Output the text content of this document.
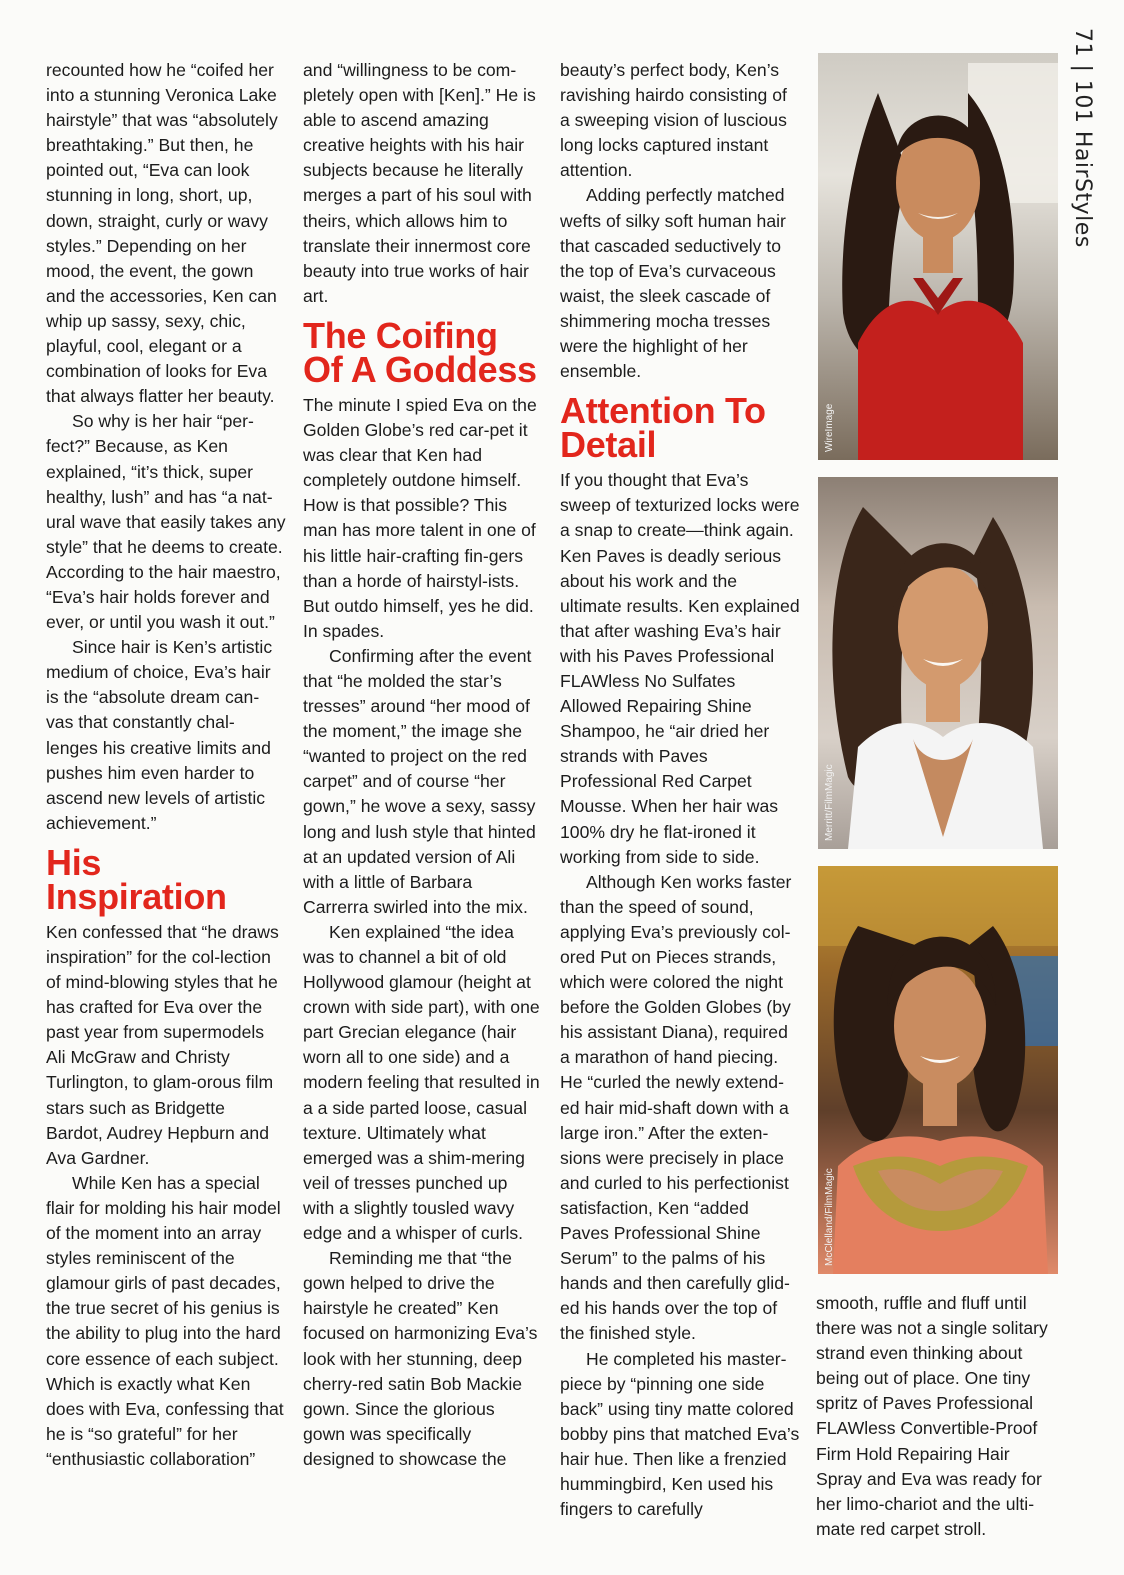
71 | 101 HairStyles

recounted how he “coifed her into a stunning Veronica Lake hairstyle” that was “absolutely breathtaking.” But then, he pointed out, “Eva can look stunning in long, short, up, down, straight, curly or wavy styles.” Depending on her mood, the event, the gown and the accessories, Ken can whip up sassy, sexy, chic, playful, cool, elegant or a combination of looks for Eva that always flatter her beauty.

So why is her hair “per-fect?” Because, as Ken explained, “it’s thick, super healthy, lush” and has “a nat-ural wave that easily takes any style” that he deems to create. According to the hair maestro, “Eva’s hair holds forever and ever, or until you wash it out.”

Since hair is Ken’s artistic medium of choice, Eva’s hair is the “absolute dream can-vas that constantly chal-lenges his creative limits and pushes him even harder to ascend new levels of artistic achievement.”

His Inspiration

Ken confessed that “he draws inspiration” for the col-lection of mind-blowing styles that he has crafted for Eva over the past year from supermodels Ali McGraw and Christy Turlington, to glam-orous film stars such as Bridgette Bardot, Audrey Hepburn and Ava Gardner.

While Ken has a special flair for molding his hair model of the moment into an array styles reminiscent of the glamour girls of past decades, the true secret of his genius is the ability to plug into the hard core essence of each subject. Which is exactly what Ken does with Eva, confessing that he is “so grateful” for her “enthusiastic collaboration”

and “willingness to be com-pletely open with [Ken].” He is able to ascend amazing creative heights with his hair subjects because he literally merges a part of his soul with theirs, which allows him to translate their innermost core beauty into true works of hair art.

The Coifing Of A Goddess

The minute I spied Eva on the Golden Globe’s red car-pet it was clear that Ken had completely outdone himself. How is that possible? This man has more talent in one of his little hair-crafting fin-gers than a horde of hairstyl-ists. But outdo himself, yes he did. In spades.

Confirming after the event that “he molded the star’s tresses” around “her mood of the moment,” the image she “wanted to project on the red carpet” and of course “her gown,” he wove a sexy, sassy long and lush style that hinted at an updated version of Ali with a little of Barbara Carrerra swirled into the mix.

Ken explained “the idea was to channel a bit of old Hollywood glamour (height at crown with side part), with one part Grecian elegance (hair worn all to one side) and a modern feeling that resulted in a a side parted loose, casual texture. Ultimately what emerged was a shim-mering veil of tresses punched up with a slightly tousled wavy edge and a whisper of curls.

Reminding me that “the gown helped to drive the hairstyle he created” Ken focused on harmonizing Eva’s look with her stunning, deep cherry-red satin Bob Mackie gown. Since the glorious gown was specifically designed to showcase the

beauty’s perfect body, Ken’s ravishing hairdo consisting of a sweeping vision of luscious long locks captured instant attention.

Adding perfectly matched wefts of silky soft human hair that cascaded seductively to the top of Eva’s curvaceous waist, the sleek cascade of shimmering mocha tresses were the highlight of her ensemble.

Attention To Detail

If you thought that Eva’s sweep of texturized locks were a snap to create—think again. Ken Paves is deadly serious about his work and the ultimate results. Ken explained that after washing Eva’s hair with his Paves Professional FLAWless No Sulfates Allowed Repairing Shine Shampoo, he “air dried her strands with Paves Professional Red Carpet Mousse. When her hair was 100% dry he flat-ironed it working from side to side.

Although Ken works faster than the speed of sound, applying Eva’s previously col-ored Put on Pieces strands, which were colored the night before the Golden Globes (by his assistant Diana), required a marathon of hand piecing. He “curled the newly extend-ed hair mid-shaft down with a large iron.” After the exten-sions were precisely in place and curled to his perfectionist satisfaction, Ken “added Paves Professional Shine Serum” to the palms of his hands and then carefully glid-ed his hands over the top of the finished style.

He completed his master-piece by “pinning one side back” using tiny matte colored bobby pins that matched Eva’s hair hue. Then like a frenzied hummingbird, Ken used his fingers to carefully

smooth, ruffle and fluff until there was not a single solitary strand even thinking about being out of place. One tiny spritz of Paves Professional FLAWless Convertible-Proof Firm Hold Repairing Hair Spray and Eva was ready for her limo-chariot and the ulti-mate red carpet stroll.

WireImage
Merritt/FilmMagic
McClelland/FilmMagic
